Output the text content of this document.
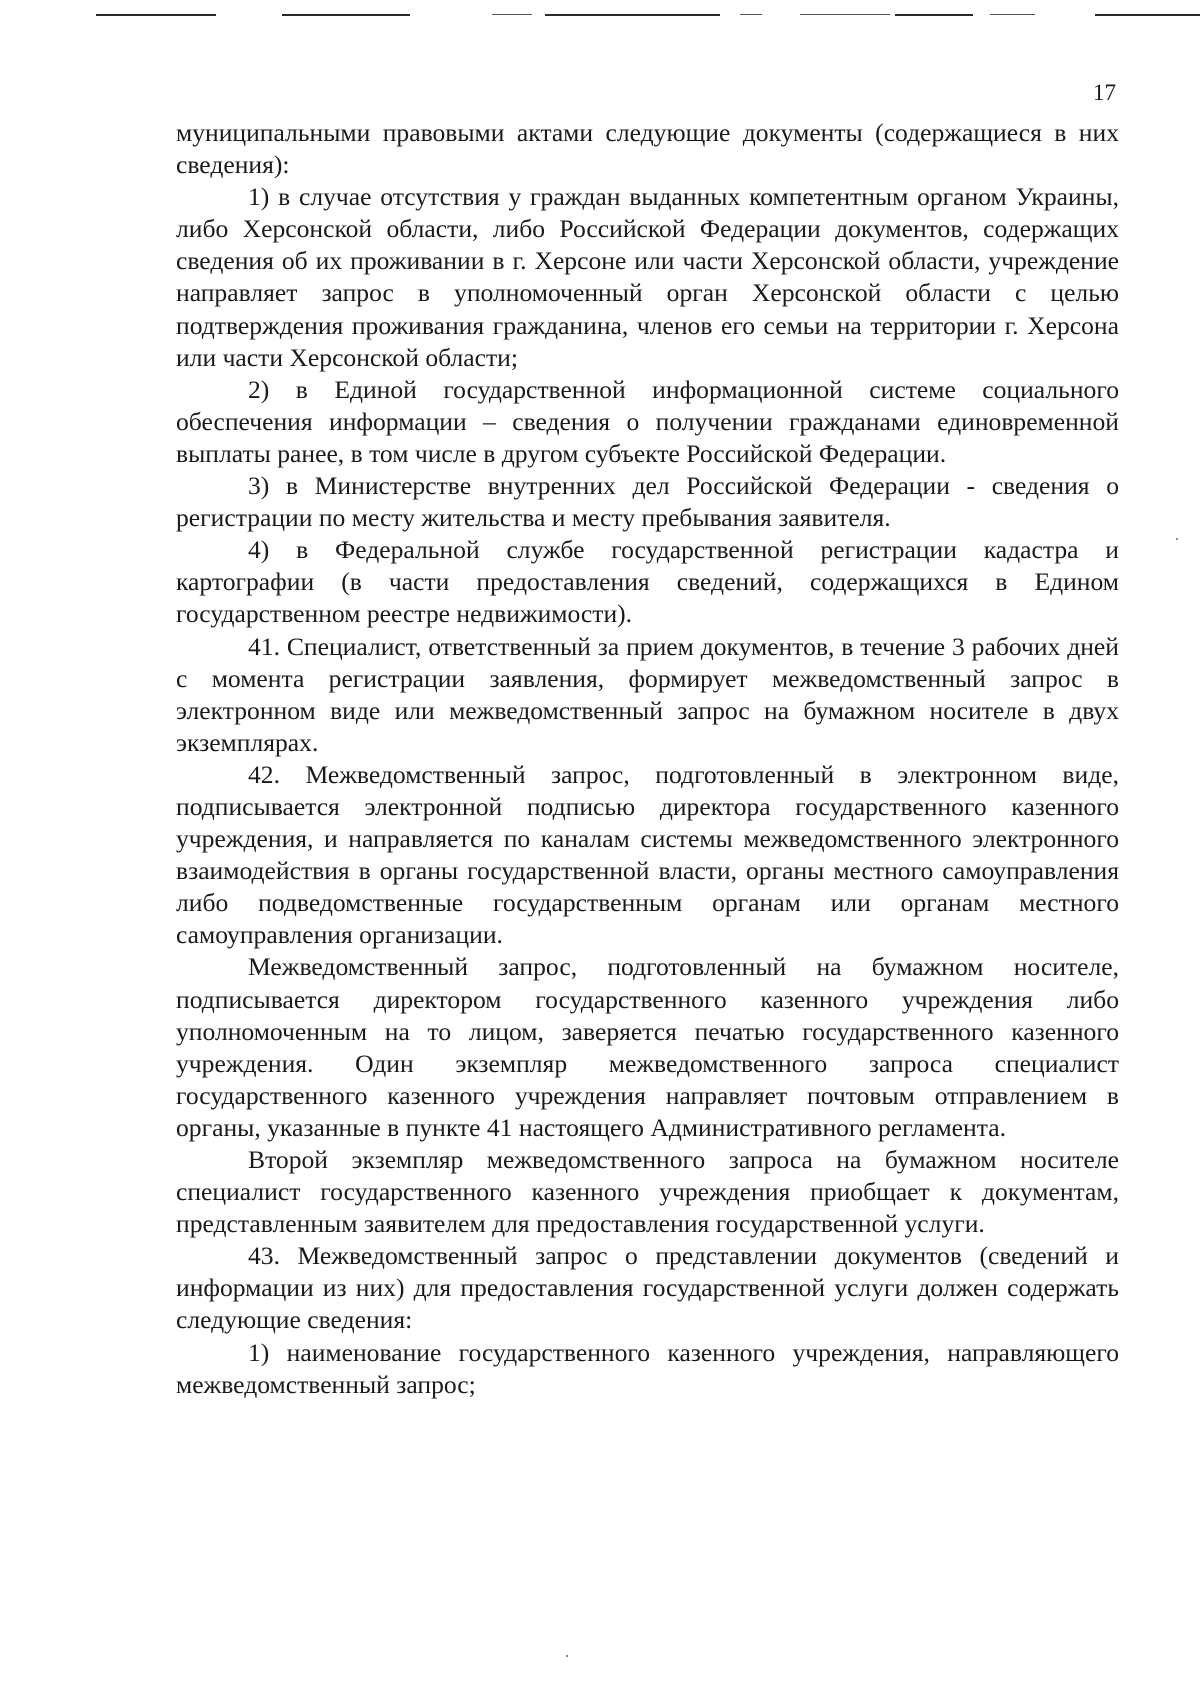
17

муниципальными правовыми актами следующие документы (содержащиеся в них сведения):

1) в случае отсутствия у граждан выданных компетентным органом Украины, либо Херсонской области, либо Российской Федерации документов, содержащих сведения об их проживании в г. Херсоне или части Херсонской области, учреждение направляет запрос в уполномоченный орган Херсонской области с целью подтверждения проживания гражданина, членов его семьи на территории г. Херсона или части Херсонской области;

2) в Единой государственной информационной системе социального обеспечения информации – сведения о получении гражданами единовременной выплаты ранее, в том числе в другом субъекте Российской Федерации.

3) в Министерстве внутренних дел Российской Федерации - сведения о регистрации по месту жительства и месту пребывания заявителя.

4) в Федеральной службе государственной регистрации кадастра и картографии (в части предоставления сведений, содержащихся в Едином государственном реестре недвижимости).

41. Специалист, ответственный за прием документов, в течение 3 рабочих дней с момента регистрации заявления, формирует межведомственный запрос в электронном виде или межведомственный запрос на бумажном носителе в двух экземплярах.

42. Межведомственный запрос, подготовленный в электронном виде, подписывается электронной подписью директора государственного казенного учреждения, и направляется по каналам системы межведомственного электронного взаимодействия в органы государственной власти, органы местного самоуправления либо подведомственные государственным органам или органам местного самоуправления организации.

Межведомственный запрос, подготовленный на бумажном носителе, подписывается директором государственного казенного учреждения либо уполномоченным на то лицом, заверяется печатью государственного казенного учреждения. Один экземпляр межведомственного запроса специалист государственного казенного учреждения направляет почтовым отправлением в органы, указанные в пункте 41 настоящего Административного регламента.

Второй экземпляр межведомственного запроса на бумажном носителе специалист государственного казенного учреждения приобщает к документам, представленным заявителем для предоставления государственной услуги.

43. Межведомственный запрос о представлении документов (сведений и информации из них) для предоставления государственной услуги должен содержать следующие сведения:

1) наименование государственного казенного учреждения, направляющего межведомственный запрос;
